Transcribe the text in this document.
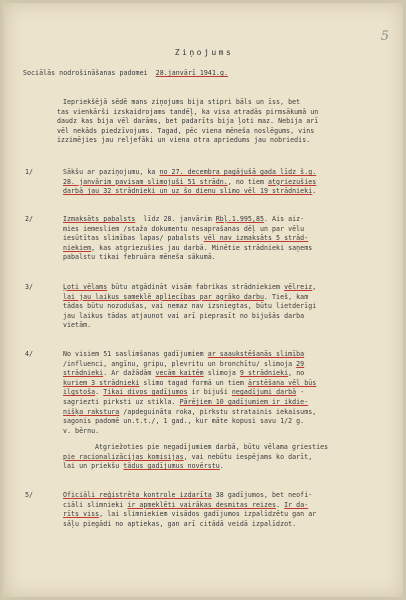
5
Ziņojums
Sociālās nodrošināšanas padomei 28.janvārī 1941.g.
Iepriekšējā sēdē mans ziņojums bija stipri bāls un īss, bet
tas vienkārši izskaidrojams tandēļ, ka visa atradās pirmsākumā un
daudz kas bija vēl darāms, bet padarīts bija ļoti maz. Nebija arī
vēl nekāds piedzīvojums. Tagad, pēc viena mēneša noslēgums, vins
izzimējies jau reljefāki un viena otra apriedums jau nobriedis.
1/	Sākšu ar paziņojumu, ka no 27. decembra pagājušā gada līdz š.g.
28. janvārim pavisam slimojuši 51 strādn., no tiem atgriezušies
darbā jau 32 strādnieki un uz šo dienu slimo vēl 19 strādnieki.
2/	Izmaksāts pabalsts  līdz 28. janvārim Rbļ.1.995,85. Ais aiz-
mies iemesliem /staža dokumentu nesaprašanas dēļ un par vēlu
iesūtītas slimības lapas/ pabalsts vēl nav izmaksāts 5 strād-
niekiem, kas atgriezušies jau darbā. Minētie strādnieki saņems
pabalstu tikai februāra mēneša sākumā.
3/	Ļoti vēlams būtu atgādināt visām fabrikas strādniekiem vēlreiz,
lai jau laikus sameklē apliecības par agrāko darbu. Tieš, kam
tādas būtu nozudušas, vai nemaz nav izsniegtas, būtu lietderīgi
jau laikus tādas atjaunot vai arī pieprasīt no bijušās darba
vietām.
4/	No visiem 51 saslimšanas gadījumiem ar saaukstēšanās slimība
/influenci, angīnu, gripu, plevritu un bronchītu/ slimoja 29
strādnieki. Ar dažādām vecām kaitēm slimoja 9 strādnieki, no
kuriem 3 strādnieki slimo tagad formā un tiem ārstēšana vēl būs
ilgstoša. Tikai divos gadījumos ir bijuši negadījumi darbā -
sagriezti pirksti uz stikla. Pārējiem 10 gadījumiem ir ikdie-
nišķa rakstura /apdeguināta roka, pirkstu stratainis iekaisums,
sagonis padomē un.t.t./, 1 gad., kur māte kopusi savu 1/2 g.
v. bērnu.
Atgriežoties pie negadījumiem darbā, būtu vēlama griesties
pie racionalizācijas komisijas, vai nebūtu iespējams ko darīt,
lai un priekšu tādus gadījumus novērstu.
5/	Oficiāli reģistrēta kontrole izdarīta 38 gadījumos, bet neofi-
ciāli slimnieki ir apmeklēti vairākas desmitas reizes. Ir da-
rīts viss, lai slimniekiem visādos gadījumos izpalīdzētu gan ar
sāļu piegādi no aptiekas, gan arī citādā veidā izpalīdzot.
